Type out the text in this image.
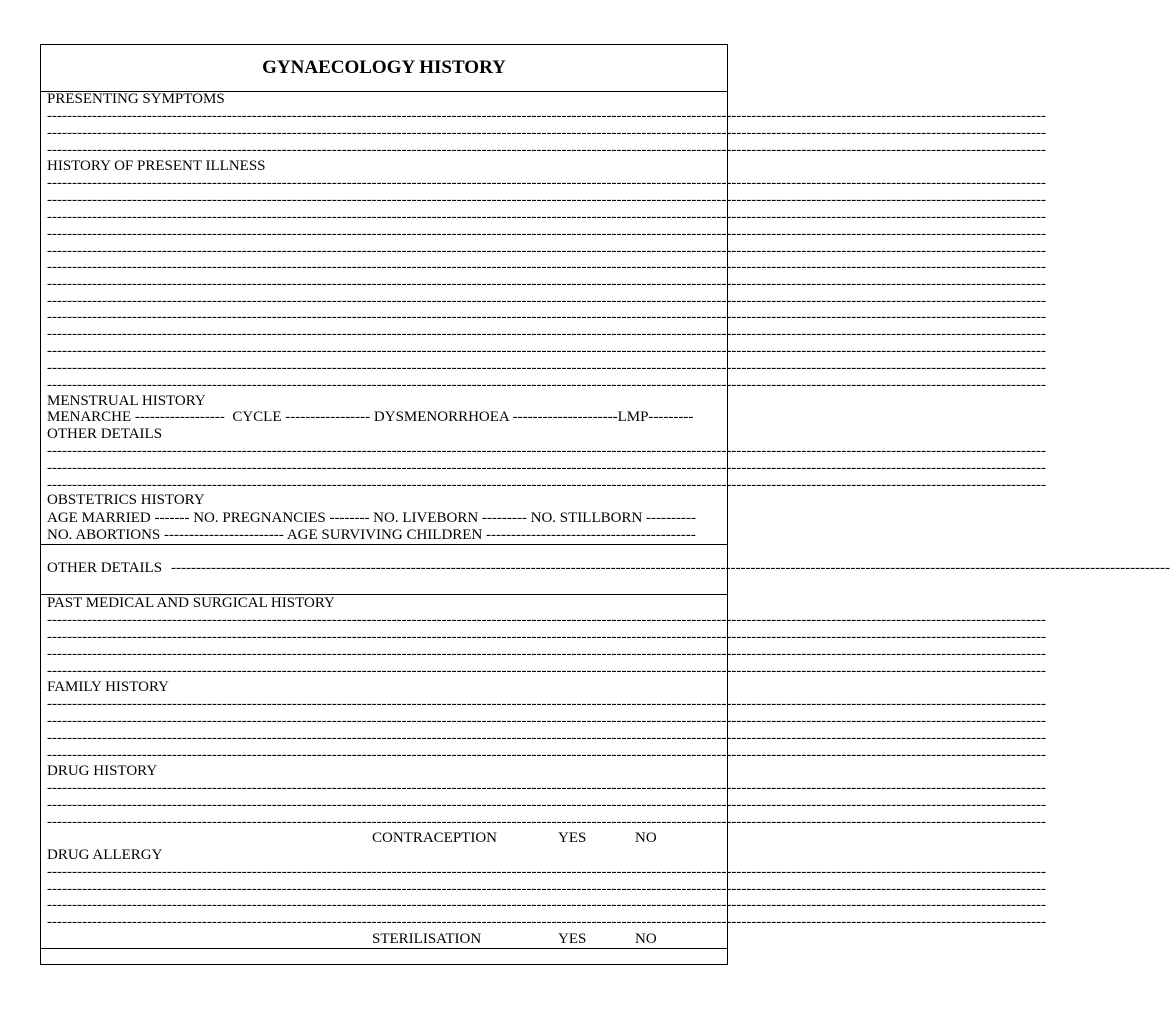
GYNAECOLOGY HISTORY
PRESENTING SYMPTOMS
--------------------------------------------------------------------------------------------------------------------------------------------------------------------------------------------------------
--------------------------------------------------------------------------------------------------------------------------------------------------------------------------------------------------------
--------------------------------------------------------------------------------------------------------------------------------------------------------------------------------------------------------
HISTORY OF PRESENT ILLNESS
--------------------------------------------------------------------------------------------------------------------------------------------------------------------------------------------------------
--------------------------------------------------------------------------------------------------------------------------------------------------------------------------------------------------------
--------------------------------------------------------------------------------------------------------------------------------------------------------------------------------------------------------
--------------------------------------------------------------------------------------------------------------------------------------------------------------------------------------------------------
--------------------------------------------------------------------------------------------------------------------------------------------------------------------------------------------------------
--------------------------------------------------------------------------------------------------------------------------------------------------------------------------------------------------------
--------------------------------------------------------------------------------------------------------------------------------------------------------------------------------------------------------
--------------------------------------------------------------------------------------------------------------------------------------------------------------------------------------------------------
--------------------------------------------------------------------------------------------------------------------------------------------------------------------------------------------------------
--------------------------------------------------------------------------------------------------------------------------------------------------------------------------------------------------------
--------------------------------------------------------------------------------------------------------------------------------------------------------------------------------------------------------
--------------------------------------------------------------------------------------------------------------------------------------------------------------------------------------------------------
--------------------------------------------------------------------------------------------------------------------------------------------------------------------------------------------------------
MENSTRUAL HISTORY
MENARCHE ------------------  CYCLE ----------------- DYSMENORRHOEA ---------------------LMP---------
OTHER DETAILS
--------------------------------------------------------------------------------------------------------------------------------------------------------------------------------------------------------
--------------------------------------------------------------------------------------------------------------------------------------------------------------------------------------------------------
--------------------------------------------------------------------------------------------------------------------------------------------------------------------------------------------------------
OBSTETRICS HISTORY
AGE MARRIED ------- NO. PREGNANCIES -------- NO. LIVEBORN --------- NO. STILLBORN ----------
NO. ABORTIONS ------------------------ AGE SURVIVING CHILDREN ------------------------------------------
OTHER DETAILS --------------------------------------------------------------------------------------------------------------------------------------------------------------------------------------------------------
PAST MEDICAL AND SURGICAL HISTORY
--------------------------------------------------------------------------------------------------------------------------------------------------------------------------------------------------------
--------------------------------------------------------------------------------------------------------------------------------------------------------------------------------------------------------
--------------------------------------------------------------------------------------------------------------------------------------------------------------------------------------------------------
--------------------------------------------------------------------------------------------------------------------------------------------------------------------------------------------------------
FAMILY HISTORY
--------------------------------------------------------------------------------------------------------------------------------------------------------------------------------------------------------
--------------------------------------------------------------------------------------------------------------------------------------------------------------------------------------------------------
--------------------------------------------------------------------------------------------------------------------------------------------------------------------------------------------------------
--------------------------------------------------------------------------------------------------------------------------------------------------------------------------------------------------------
DRUG HISTORY
--------------------------------------------------------------------------------------------------------------------------------------------------------------------------------------------------------
--------------------------------------------------------------------------------------------------------------------------------------------------------------------------------------------------------
--------------------------------------------------------------------------------------------------------------------------------------------------------------------------------------------------------
CONTRACEPTION	YES	NO
DRUG ALLERGY
--------------------------------------------------------------------------------------------------------------------------------------------------------------------------------------------------------
--------------------------------------------------------------------------------------------------------------------------------------------------------------------------------------------------------
--------------------------------------------------------------------------------------------------------------------------------------------------------------------------------------------------------
--------------------------------------------------------------------------------------------------------------------------------------------------------------------------------------------------------
STERILISATION	YES	NO
